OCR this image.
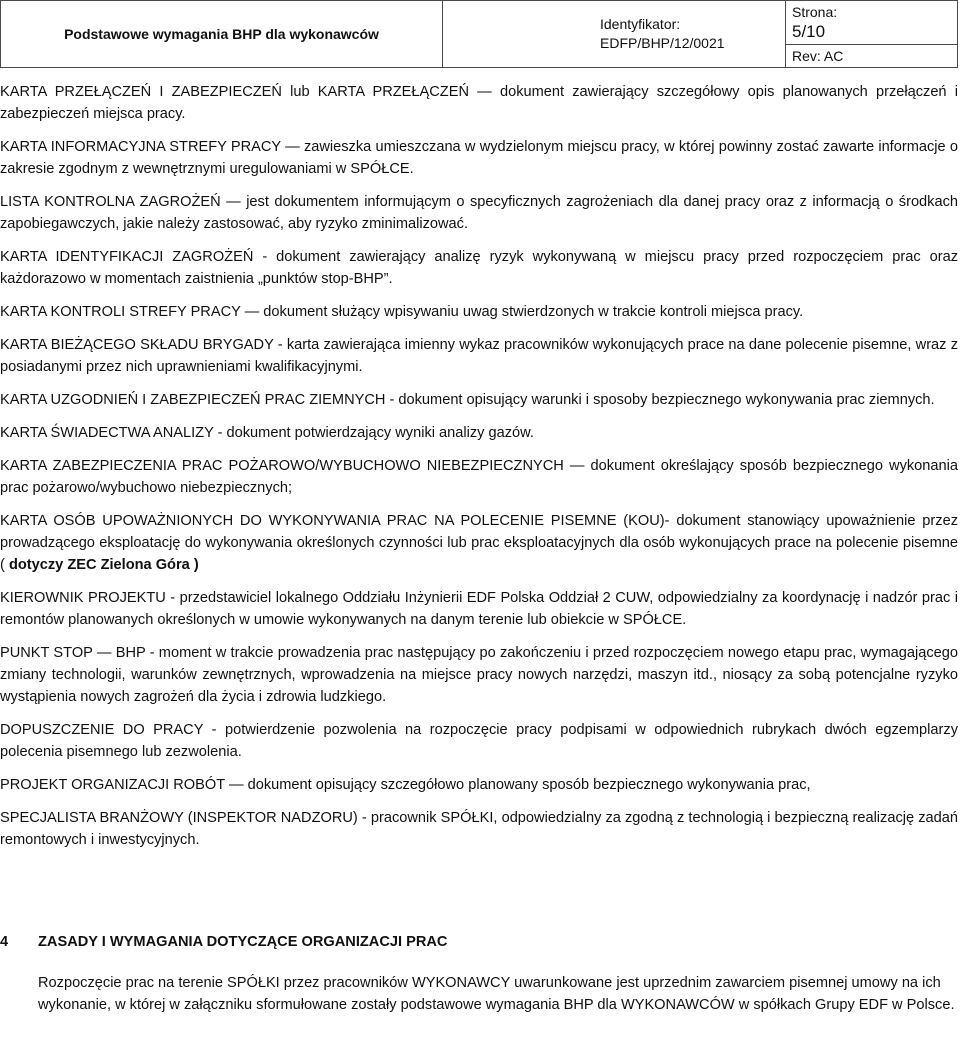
Podstawowe wymagania BHP dla wykonawców
Identyfikator:
EDFP/BHP/12/0021
Strona:
5/10
Rev: AC

KARTA PRZEŁĄCZEŃ I ZABEZPIECZEŃ lub KARTA PRZEŁĄCZEŃ — dokument zawierający szczegółowy opis planowanych przełączeń i zabezpieczeń miejsca pracy.

KARTA INFORMACYJNA STREFY PRACY — zawieszka umieszczana w wydzielonym miejscu pracy, w której powinny zostać zawarte informacje o zakresie zgodnym z wewnętrznymi uregulowaniami w SPÓŁCE.

LISTA KONTROLNA ZAGROŻEŃ — jest dokumentem informującym o specyficznych zagrożeniach dla danej pracy oraz z informacją o środkach zapobiegawczych, jakie należy zastosować, aby ryzyko zminimalizować.

KARTA IDENTYFIKACJI ZAGROŻEŃ - dokument zawierający analizę ryzyk wykonywaną w miejscu pracy przed rozpoczęciem prac oraz każdorazowo w momentach zaistnienia „punktów stop-BHP”.

KARTA KONTROLI STREFY PRACY — dokument służący wpisywaniu uwag stwierdzonych w trakcie kontroli miejsca pracy.

KARTA BIEŻĄCEGO SKŁADU BRYGADY - karta zawierająca imienny wykaz pracowników wykonujących prace na dane polecenie pisemne, wraz z posiadanymi przez nich uprawnieniami kwalifikacyjnymi.

KARTA UZGODNIEŃ I ZABEZPIECZEŃ PRAC ZIEMNYCH - dokument opisujący warunki i sposoby bezpiecznego wykonywania prac ziemnych.

KARTA ŚWIADECTWA ANALIZY - dokument potwierdzający wyniki analizy gazów.

KARTA ZABEZPIECZENIA PRAC POŻAROWO/WYBUCHOWO NIEBEZPIECZNYCH — dokument określający sposób bezpiecznego wykonania prac pożarowo/wybuchowo niebezpiecznych;

KARTA OSÓB UPOWAŻNIONYCH DO WYKONYWANIA PRAC NA POLECENIE PISEMNE (KOU)- dokument stanowiący upoważnienie przez prowadzącego eksploatację do wykonywania określonych czynności lub prac eksploatacyjnych dla osób wykonujących prace na polecenie pisemne ( dotyczy ZEC Zielona Góra )

KIEROWNIK PROJEKTU - przedstawiciel lokalnego Oddziału Inżynierii EDF Polska Oddział 2 CUW, odpowiedzialny za koordynację i nadzór prac i remontów planowanych określonych w umowie wykonywanych na danym terenie lub obiekcie w SPÓŁCE.

PUNKT STOP — BHP - moment w trakcie prowadzenia prac następujący po zakończeniu i przed rozpoczęciem nowego etapu prac, wymagającego zmiany technologii, warunków zewnętrznych, wprowadzenia na miejsce pracy nowych narzędzi, maszyn itd., niosący za sobą potencjalne ryzyko wystąpienia nowych zagrożeń dla życia i zdrowia ludzkiego.

DOPUSZCZENIE DO PRACY - potwierdzenie pozwolenia na rozpoczęcie pracy podpisami w odpowiednich rubrykach dwóch egzemplarzy polecenia pisemnego lub zezwolenia.

PROJEKT ORGANIZACJI ROBÓT — dokument opisujący szczegółowo planowany sposób bezpiecznego wykonywania prac,

SPECJALISTA BRANŻOWY (INSPEKTOR NADZORU) - pracownik SPÓŁKI, odpowiedzialny za zgodną z technologią i bezpieczną realizację zadań remontowych i inwestycyjnych.

4	ZASADY I WYMAGANIA DOTYCZĄCE ORGANIZACJI PRAC
Rozpoczęcie prac na terenie SPÓŁKI przez pracowników WYKONAWCY uwarunkowane jest uprzednim zawarciem pisemnej umowy na ich wykonanie, w której w załączniku sformułowane zostały podstawowe wymagania BHP dla WYKONAWCÓW w spółkach Grupy EDF w Polsce.
